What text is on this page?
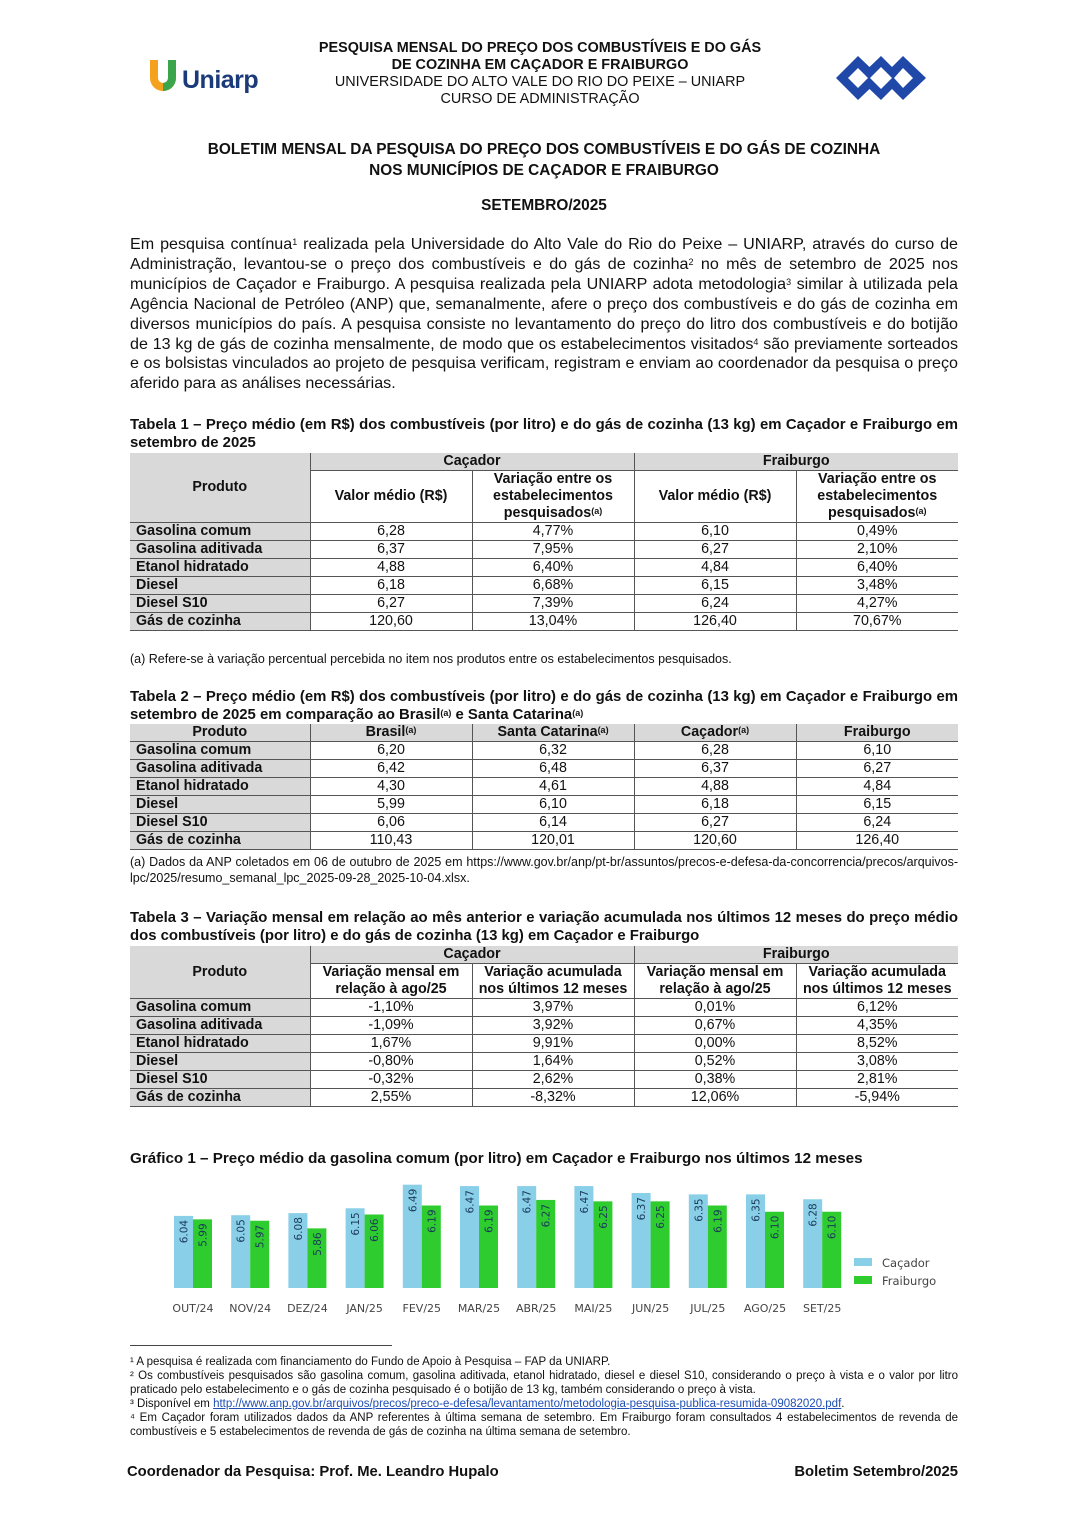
Uniarp
PESQUISA MENSAL DO PREÇO DOS COMBUSTÍVEIS E DO GÁS
DE COZINHA EM CAÇADOR E FRAIBURGO
UNIVERSIDADE DO ALTO VALE DO RIO DO PEIXE – UNIARP
CURSO DE ADMINISTRAÇÃO
BOLETIM MENSAL DA PESQUISA DO PREÇO DOS COMBUSTÍVEIS E DO GÁS DE COZINHA
NOS MUNICÍPIOS DE CAÇADOR E FRAIBURGO
SETEMBRO/2025
Em pesquisa contínua$^1$ realizada pela Universidade do Alto Vale do Rio do Peixe – UNIARP, através do curso de Administração, levantou-se o preço dos combustíveis e do gás de cozinha$^2$ no mês de setembro de 2025 nos municípios de Caçador e Fraiburgo. A pesquisa realizada pela UNIARP adota metodologia$^3$ similar à utilizada pela Agência Nacional de Petróleo (ANP) que, semanalmente, afere o preço dos combustíveis e do gás de cozinha em diversos municípios do país. A pesquisa consiste no levantamento do preço do litro dos combustíveis e do botijão de 13 kg de gás de cozinha mensalmente, de modo que os estabelecimentos visitados$^4$ são previamente sorteados e os bolsistas vinculados ao projeto de pesquisa verificam, registram e enviam ao coordenador da pesquisa o preço aferido para as análises necessárias.
Tabela 1 – Preço médio (em R$) dos combustíveis (por litro) e do gás de cozinha (13 kg) em Caçador e Fraiburgo em setembro de 2025
Produto	Caçador		Fraiburgo	
	Valor médio (R$)	Variação entre os estabelecimentos pesquisados$^{(a)}$	Valor médio (R$)	Variação entre os estabelecimentos pesquisados$^{(a)}$
Gasolina comum	6,28	4,77%	6,10	0,49%
Gasolina aditivada	6,37	7,95%	6,27	2,10%
Etanol hidratado	4,88	6,40%	4,84	6,40%
Diesel	6,18	6,68%	6,15	3,48%
Diesel S10	6,27	7,39%	6,24	4,27%
Gás de cozinha	120,60	13,04%	126,40	70,67%
(a) Refere-se à variação percentual percebida no item nos produtos entre os estabelecimentos pesquisados.
Tabela 2 – Preço médio (em R$) dos combustíveis (por litro) e do gás de cozinha (13 kg) em Caçador e Fraiburgo em setembro de 2025 em comparação ao Brasil$^{(a)}$ e Santa Catarina$^{(a)}$
Produto	Brasil$^{(a)}$	Santa Catarina$^{(a)}$	Caçador$^{(a)}$	Fraiburgo
Gasolina comum	6,20	6,32	6,28	6,10
Gasolina aditivada	6,42	6,48	6,37	6,27
Etanol hidratado	4,30	4,61	4,88	4,84
Diesel	5,99	6,10	6,18	6,15
Diesel S10	6,06	6,14	6,27	6,24
Gás de cozinha	110,43	120,01	120,60	126,40
(a) Dados da ANP coletados em 06 de outubro de 2025 em https://www.gov.br/anp/pt-br/assuntos/precos-e-defesa-da-concorrencia/precos/arquivos-lpc/2025/resumo_semanal_lpc_2025-09-28_2025-10-04.xlsx.
Tabela 3 – Variação mensal em relação ao mês anterior e variação acumulada nos últimos 12 meses do preço médio dos combustíveis (por litro) e do gás de cozinha (13 kg) em Caçador e Fraiburgo
Produto	Caçador		Fraiburgo	
	Variação mensal em relação à ago/25	Variação acumulada nos últimos 12 meses	Variação mensal em relação à ago/25	Variação acumulada nos últimos 12 meses
Gasolina comum	-1,10%	3,97%	0,01%	6,12%
Gasolina aditivada	-1,09%	3,92%	0,67%	4,35%
Etanol hidratado	1,67%	9,91%	0,00%	8,52%
Diesel	-0,80%	1,64%	0,52%	3,08%
Diesel S10	-0,32%	2,62%	0,38%	2,81%
Gás de cozinha	2,55%	-8,32%	12,06%	-5,94%
Gráfico 1 – Preço médio da gasolina comum (por litro) em Caçador e Fraiburgo nos últimos 12 meses
6.04 5.99
OUT/24
6.05 5.97
NOV/24
6.08
5.86
DEZ/24
6.15 6.06
JAN/25
6.49
6.19
FEV/25
6.47
6.19
MAR/25
6.47
6.27
ABR/25
6.47
6.25
MAI/25
6.37 6.25
JUN/25
6.35 6.19
JUL/25
6.35
6.10
AGO/25
6.28
6.10
SET/25
Caçador
Fraiburgo
¹ A pesquisa é realizada com financiamento do Fundo de Apoio à Pesquisa – FAP da UNIARP.
² Os combustíveis pesquisados são gasolina comum, gasolina aditivada, etanol hidratado, diesel e diesel S10, considerando o preço à vista e o valor por litro praticado pelo estabelecimento e o gás de cozinha pesquisado é o botijão de 13 kg, também considerando o preço à vista.
³ Disponível em http://www.anp.gov.br/arquivos/precos/preco-e-defesa/levantamento/metodologia-pesquisa-publica-resumida-09082020.pdf.
⁴ Em Caçador foram utilizados dados da ANP referentes à última semana de setembro. Em Fraiburgo foram consultados 4 estabelecimentos de revenda de combustíveis e 5 estabelecimentos de revenda de gás de cozinha na última semana de setembro.
Coordenador da Pesquisa: Prof. Me. Leandro Hupalo	Boletim Setembro/2025
